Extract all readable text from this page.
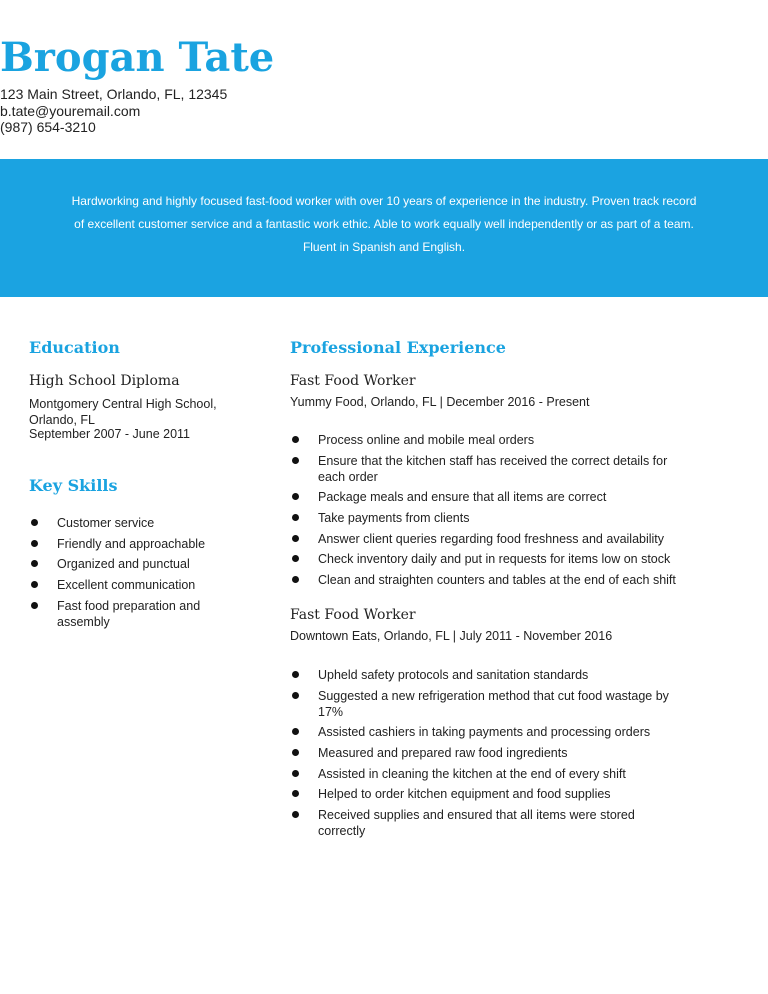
Brogan Tate
123 Main Street, Orlando, FL, 12345
b.tate@youremail.com
(987) 654-3210
Hardworking and highly focused fast-food worker with over 10 years of experience in the industry. Proven track record of excellent customer service and a fantastic work ethic. Able to work equally well independently or as part of a team. Fluent in Spanish and English.
Education
High School Diploma
Montgomery Central High School, Orlando, FL
September 2007 - June 2011
Key Skills
Customer service
Friendly and approachable
Organized and punctual
Excellent communication
Fast food preparation and assembly
Professional Experience
Fast Food Worker
Yummy Food, Orlando, FL | December 2016 - Present
Process online and mobile meal orders
Ensure that the kitchen staff has received the correct details for each order
Package meals and ensure that all items are correct
Take payments from clients
Answer client queries regarding food freshness and availability
Check inventory daily and put in requests for items low on stock
Clean and straighten counters and tables at the end of each shift
Fast Food Worker
Downtown Eats, Orlando, FL | July 2011 - November 2016
Upheld safety protocols and sanitation standards
Suggested a new refrigeration method that cut food wastage by 17%
Assisted cashiers in taking payments and processing orders
Measured and prepared raw food ingredients
Assisted in cleaning the kitchen at the end of every shift
Helped to order kitchen equipment and food supplies
Received supplies and ensured that all items were stored correctly
